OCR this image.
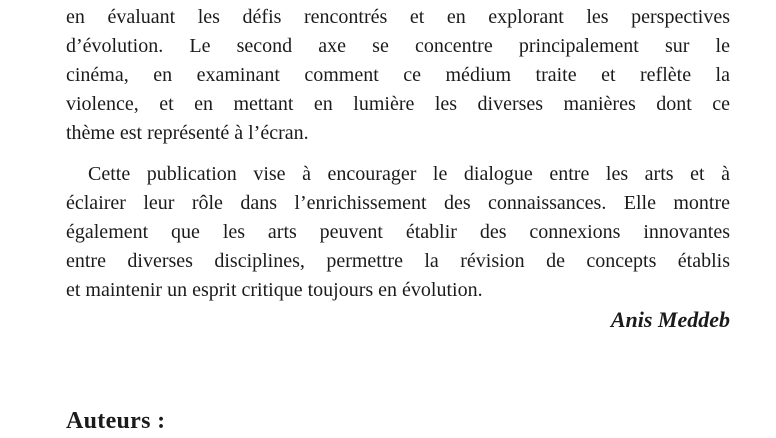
en évaluant les défis rencontrés et en explorant les perspectives
d’évolution. Le second axe se concentre principalement sur le
cinéma, en examinant comment ce médium traite et reflète la
violence, et en mettant en lumière les diverses manières dont ce
thème est représenté à l’écran.

Cette publication vise à encourager le dialogue entre les arts et à
éclairer leur rôle dans l’enrichissement des connaissances. Elle montre
également que les arts peuvent établir des connexions innovantes
entre diverses disciplines, permettre la révision de concepts établis
et maintenir un esprit critique toujours en évolution.

Anis Meddeb

Auteurs :
